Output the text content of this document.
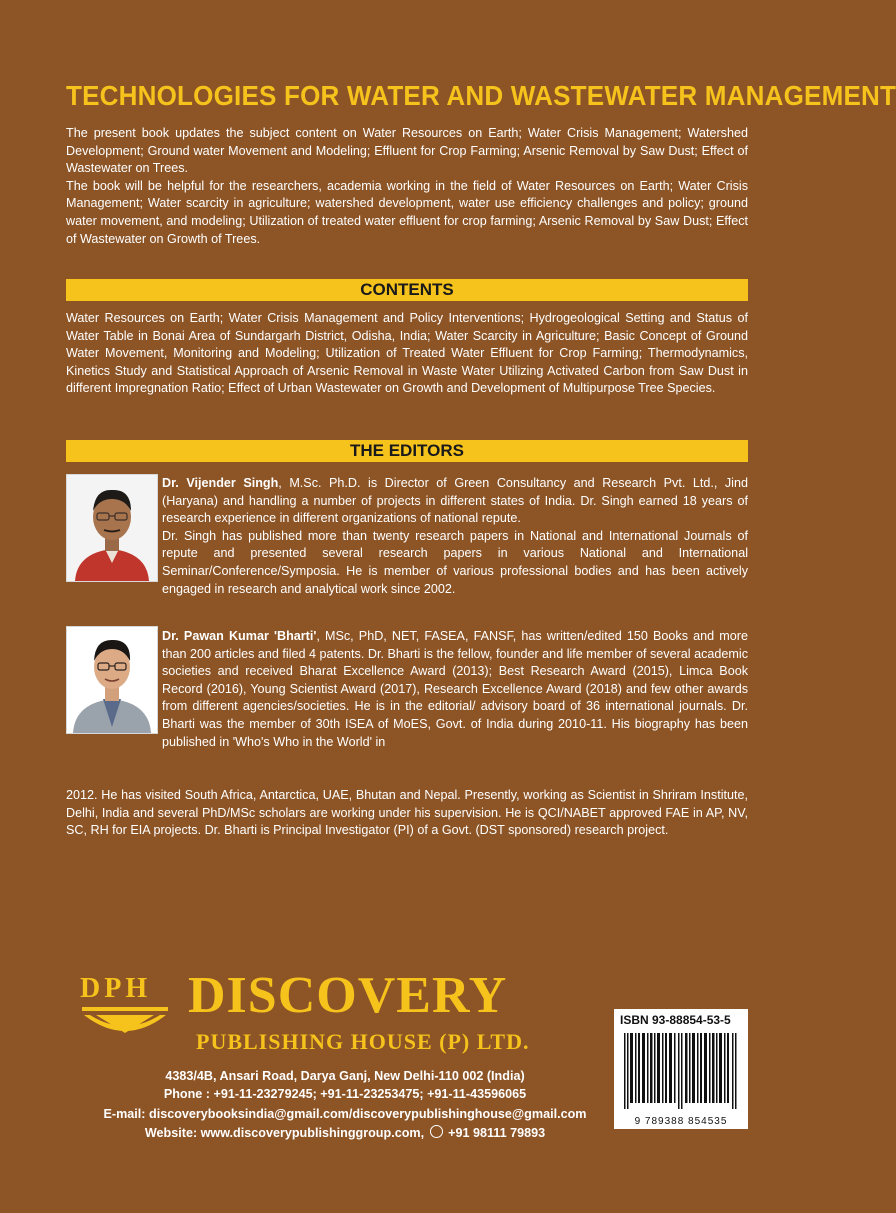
TECHNOLOGIES FOR WATER AND WASTEWATER MANAGEMENT

The present book updates the subject content on Water Resources on Earth; Water Crisis Management; Watershed Development; Ground water Movement and Modeling; Effluent for Crop Farming; Arsenic Removal by Saw Dust; Effect of Wastewater on Trees.

The book will be helpful for the researchers, academia working in the field of Water Resources on Earth; Water Crisis Management; Water scarcity in agriculture; watershed development, water use efficiency challenges and policy; ground water movement, and modeling; Utilization of treated water effluent for crop farming; Arsenic Removal by Saw Dust; Effect of Wastewater on Growth of Trees.

CONTENTS
Water Resources on Earth; Water Crisis Management and Policy Interventions; Hydrogeological Setting and Status of Water Table in Bonai Area of Sundargarh District, Odisha, India; Water Scarcity in Agriculture; Basic Concept of Ground Water Movement, Monitoring and Modeling; Utilization of Treated Water Effluent for Crop Farming; Thermodynamics, Kinetics Study and Statistical Approach of Arsenic Removal in Waste Water Utilizing Activated Carbon from Saw Dust in different Impregnation Ratio; Effect of Urban Wastewater on Growth and Development of Multipurpose Tree Species.
THE EDITORS

Dr. Vijender Singh, M.Sc. Ph.D. is Director of Green Consultancy and Research Pvt. Ltd., Jind (Haryana) and handling a number of projects in different states of India. Dr. Singh earned 18 years of research experience in different organizations of national repute.

Dr. Singh has published more than twenty research papers in National and International Journals of repute and presented several research papers in various National and International Seminar/Conference/Symposia. He is member of various professional bodies and has been actively engaged in research and analytical work since 2002.

Dr. Pawan Kumar 'Bharti', MSc, PhD, NET, FASEA, FANSF, has written/edited 150 Books and more than 200 articles and filed 4 patents. Dr. Bharti is the fellow, founder and life member of several academic societies and received Bharat Excellence Award (2013); Best Research Award (2015), Limca Book Record (2016), Young Scientist Award (2017), Research Excellence Award (2018) and few other awards from different agencies/societies. He is in the editorial/ advisory board of 36 international journals. Dr. Bharti was the member of 30th ISEA of MoES, Govt. of India during 2010-11. His biography has been published in 'Who's Who in the World' in

2012. He has visited South Africa, Antarctica, UAE, Bhutan and Nepal. Presently, working as Scientist in Shriram Institute, Delhi, India and several PhD/MSc scholars are working under his supervision. He is QCI/NABET approved FAE in AP, NV, SC, RH for EIA projects. Dr. Bharti is Principal Investigator (PI) of a Govt. (DST sponsored) research project.
DPH DISCOVERY
PUBLISHING HOUSE (P) LTD.
4383/4B, Ansari Road, Darya Ganj, New Delhi-110 002 (India)
Phone : +91-11-23279245; +91-11-23253475; +91-11-43596065
E-mail: discoverybooksindia@gmail.com/discoverypublishinghouse@gmail.com
Website: www.discoverypublishinggroup.com, +91 98111 79893
ISBN 93-88854-53-5
9 789388 854535
